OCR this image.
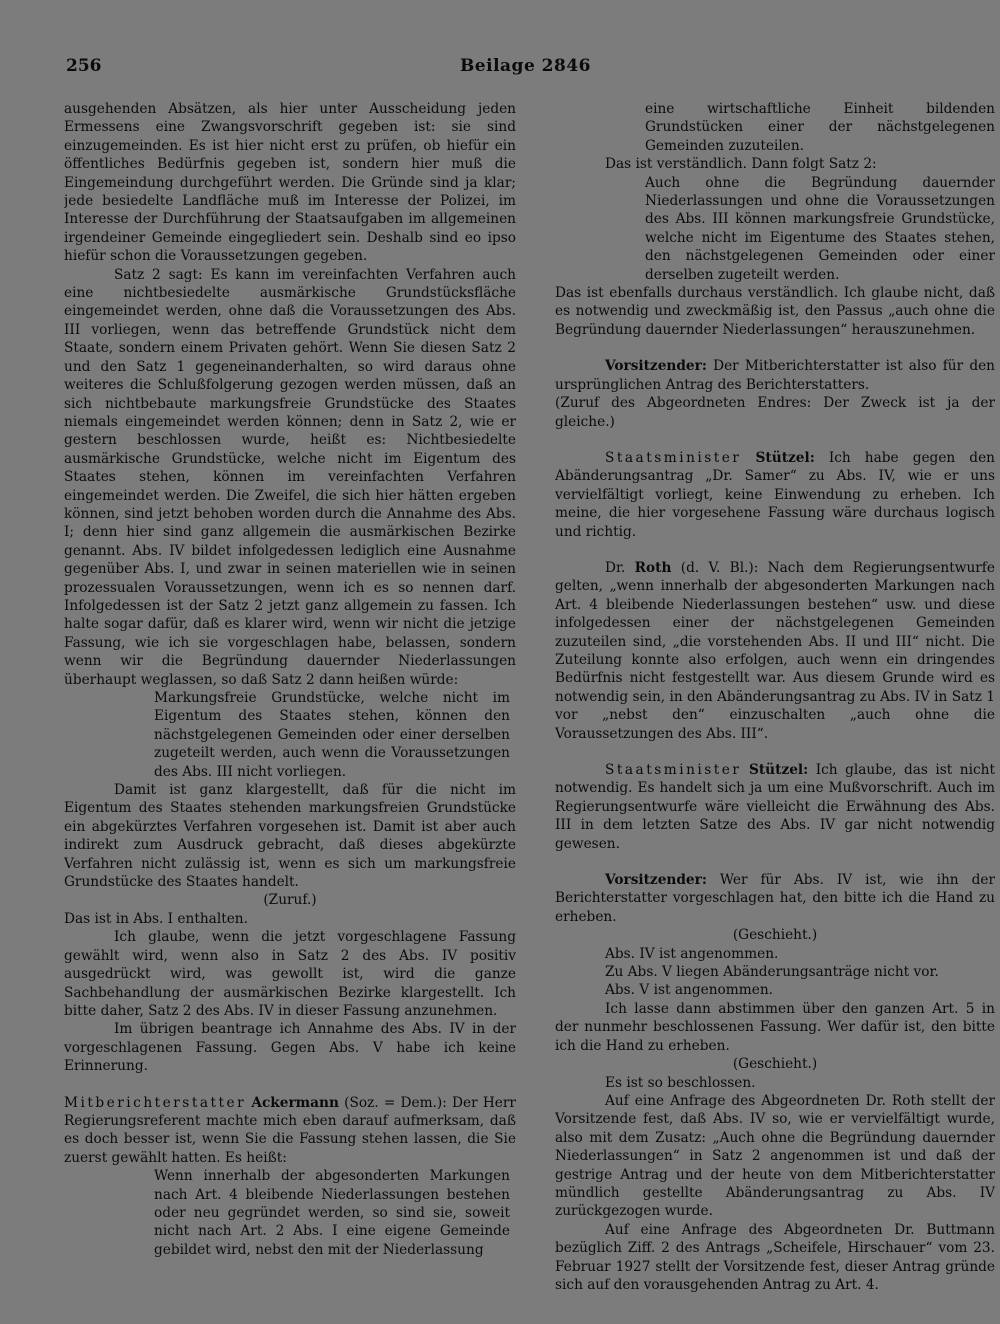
256	Beilage 2846

ausgehenden Absätzen, als hier unter Ausscheidung jeden Ermessens eine Zwangsvorschrift gegeben ist: sie sind einzugemeinden. Es ist hier nicht erst zu prüfen, ob hiefür ein öffentliches Bedürfnis gegeben ist, sondern hier muß die Eingemeindung durchgeführt werden. Die Gründe sind ja klar; jede besiedelte Landfläche muß im Interesse der Polizei, im Interesse der Durchführung der Staatsaufgaben im allgemeinen irgendeiner Gemeinde eingegliedert sein. Deshalb sind eo ipso hiefür schon die Voraussetzungen gegeben.

Satz 2 sagt: Es kann im vereinfachten Verfahren auch eine nichtbesiedelte ausmärkische Grundstücksfläche eingemeindet werden, ohne daß die Voraussetzungen des Abs. III vorliegen, wenn das betreffende Grundstück nicht dem Staate, sondern einem Privaten gehört. Wenn Sie diesen Satz 2 und den Satz 1 gegeneinanderhalten, so wird daraus ohne weiteres die Schlußfolgerung gezogen werden müssen, daß an sich nichtbebaute markungsfreie Grundstücke des Staates niemals eingemeindet werden können; denn in Satz 2, wie er gestern beschlossen wurde, heißt es: Nichtbesiedelte ausmärkische Grundstücke, welche nicht im Eigentum des Staates stehen, können im vereinfachten Verfahren eingemeindet werden. Die Zweifel, die sich hier hätten ergeben können, sind jetzt behoben worden durch die Annahme des Abs. I; denn hier sind ganz allgemein die ausmärkischen Bezirke genannt. Abs. IV bildet infolgedessen lediglich eine Ausnahme gegenüber Abs. I, und zwar in seinen materiellen wie in seinen prozessualen Voraussetzungen, wenn ich es so nennen darf. Infolgedessen ist der Satz 2 jetzt ganz allgemein zu fassen. Ich halte sogar dafür, daß es klarer wird, wenn wir nicht die jetzige Fassung, wie ich sie vorgeschlagen habe, belassen, sondern wenn wir die Begründung dauernder Niederlassungen überhaupt weglassen, so daß Satz 2 dann heißen würde:

Markungsfreie Grundstücke, welche nicht im Eigentum des Staates stehen, können den nächstgelegenen Gemeinden oder einer derselben zugeteilt werden, auch wenn die Voraussetzungen des Abs. III nicht vorliegen.

Damit ist ganz klargestellt, daß für die nicht im Eigentum des Staates stehenden markungsfreien Grundstücke ein abgekürztes Verfahren vorgesehen ist. Damit ist aber auch indirekt zum Ausdruck gebracht, daß dieses abgekürzte Verfahren nicht zulässig ist, wenn es sich um markungsfreie Grundstücke des Staates handelt.

(Zuruf.)

Das ist in Abs. I enthalten.

Ich glaube, wenn die jetzt vorgeschlagene Fassung gewählt wird, wenn also in Satz 2 des Abs. IV positiv ausgedrückt wird, was gewollt ist, wird die ganze Sachbehandlung der ausmärkischen Bezirke klargestellt. Ich bitte daher, Satz 2 des Abs. IV in dieser Fassung anzunehmen.

Im übrigen beantrage ich Annahme des Abs. IV in der vorgeschlagenen Fassung. Gegen Abs. V habe ich keine Erinnerung.

Mitberichterstatter Ackermann (Soz. = Dem.): Der Herr Regierungsreferent machte mich eben darauf aufmerksam, daß es doch besser ist, wenn Sie die Fassung stehen lassen, die Sie zuerst gewählt hatten. Es heißt:

Wenn innerhalb der abgesonderten Markungen nach Art. 4 bleibende Niederlassungen bestehen oder neu gegründet werden, so sind sie, soweit nicht nach Art. 2 Abs. I eine eigene Gemeinde gebildet wird, nebst den mit der Niederlassung

eine wirtschaftliche Einheit bildenden Grundstücken einer der nächstgelegenen Gemeinden zuzuteilen.

Das ist verständlich. Dann folgt Satz 2:

Auch ohne die Begründung dauernder Niederlassungen und ohne die Voraussetzungen des Abs. III können markungsfreie Grundstücke, welche nicht im Eigentume des Staates stehen, den nächstgelegenen Gemeinden oder einer derselben zugeteilt werden.

Das ist ebenfalls durchaus verständlich. Ich glaube nicht, daß es notwendig und zweckmäßig ist, den Passus „auch ohne die Begründung dauernder Niederlassungen“ herauszunehmen.

Vorsitzender: Der Mitberichterstatter ist also für den ursprünglichen Antrag des Berichterstatters.

(Zuruf des Abgeordneten Endres: Der Zweck ist ja der gleiche.)

Staatsminister Stützel: Ich habe gegen den Abänderungsantrag „Dr. Samer“ zu Abs. IV, wie er uns vervielfältigt vorliegt, keine Einwendung zu erheben. Ich meine, die hier vorgesehene Fassung wäre durchaus logisch und richtig.

Dr. Roth (d. V. Bl.): Nach dem Regierungsentwurfe gelten, „wenn innerhalb der abgesonderten Markungen nach Art. 4 bleibende Niederlassungen bestehen“ usw. und diese infolgedessen einer der nächstgelegenen Gemeinden zuzuteilen sind, „die vorstehenden Abs. II und III“ nicht. Die Zuteilung konnte also erfolgen, auch wenn ein dringendes Bedürfnis nicht festgestellt war. Aus diesem Grunde wird es notwendig sein, in den Abänderungsantrag zu Abs. IV in Satz 1 vor „nebst den“ einzuschalten „auch ohne die Voraussetzungen des Abs. III“.

Staatsminister Stützel: Ich glaube, das ist nicht notwendig. Es handelt sich ja um eine Mußvorschrift. Auch im Regierungsentwurfe wäre vielleicht die Erwähnung des Abs. III in dem letzten Satze des Abs. IV gar nicht notwendig gewesen.

Vorsitzender: Wer für Abs. IV ist, wie ihn der Berichterstatter vorgeschlagen hat, den bitte ich die Hand zu erheben.

(Geschieht.)

Abs. IV ist angenommen.

Zu Abs. V liegen Abänderungsanträge nicht vor.

Abs. V ist angenommen.

Ich lasse dann abstimmen über den ganzen Art. 5 in der nunmehr beschlossenen Fassung. Wer dafür ist, den bitte ich die Hand zu erheben.

(Geschieht.)

Es ist so beschlossen.

Auf eine Anfrage des Abgeordneten Dr. Roth stellt der Vorsitzende fest, daß Abs. IV so, wie er vervielfältigt wurde, also mit dem Zusatz: „Auch ohne die Begründung dauernder Niederlassungen“ in Satz 2 angenommen ist und daß der gestrige Antrag und der heute von dem Mitberichterstatter mündlich gestellte Abänderungsantrag zu Abs. IV zurückgezogen wurde.

Auf eine Anfrage des Abgeordneten Dr. Buttmann bezüglich Ziff. 2 des Antrags „Scheifele, Hirschauer“ vom 23. Februar 1927 stellt der Vorsitzende fest, dieser Antrag gründe sich auf den vorausgehenden Antrag zu Art. 4.
